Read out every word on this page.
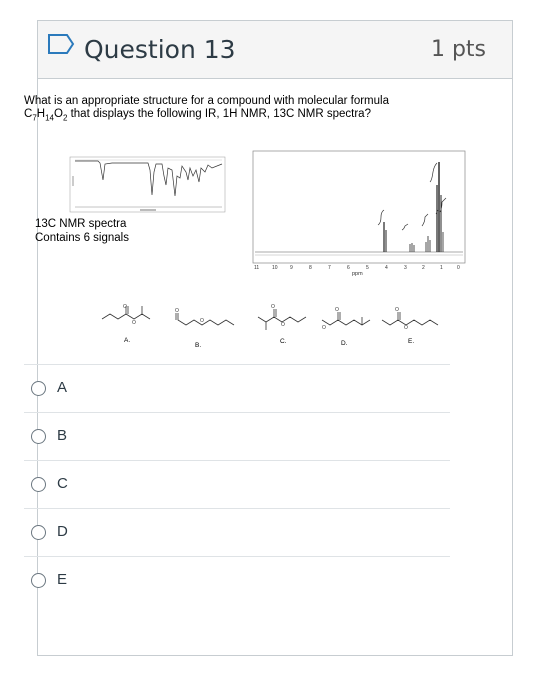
Question 13	1 pts
What is an appropriate structure for a compound with molecular formula
$C_7H_{14}O_2$ that displays the following IR, 1H NMR, 13C NMR spectra?
11	10 9	8	7	6	5	4	3	2	1	0
ppm
13C NMR spectra
Contains 6 signals
O
O
O
O
O
O
O
O
O
O
A.
B.
C.	D.	E.
A
B
C
D
E
